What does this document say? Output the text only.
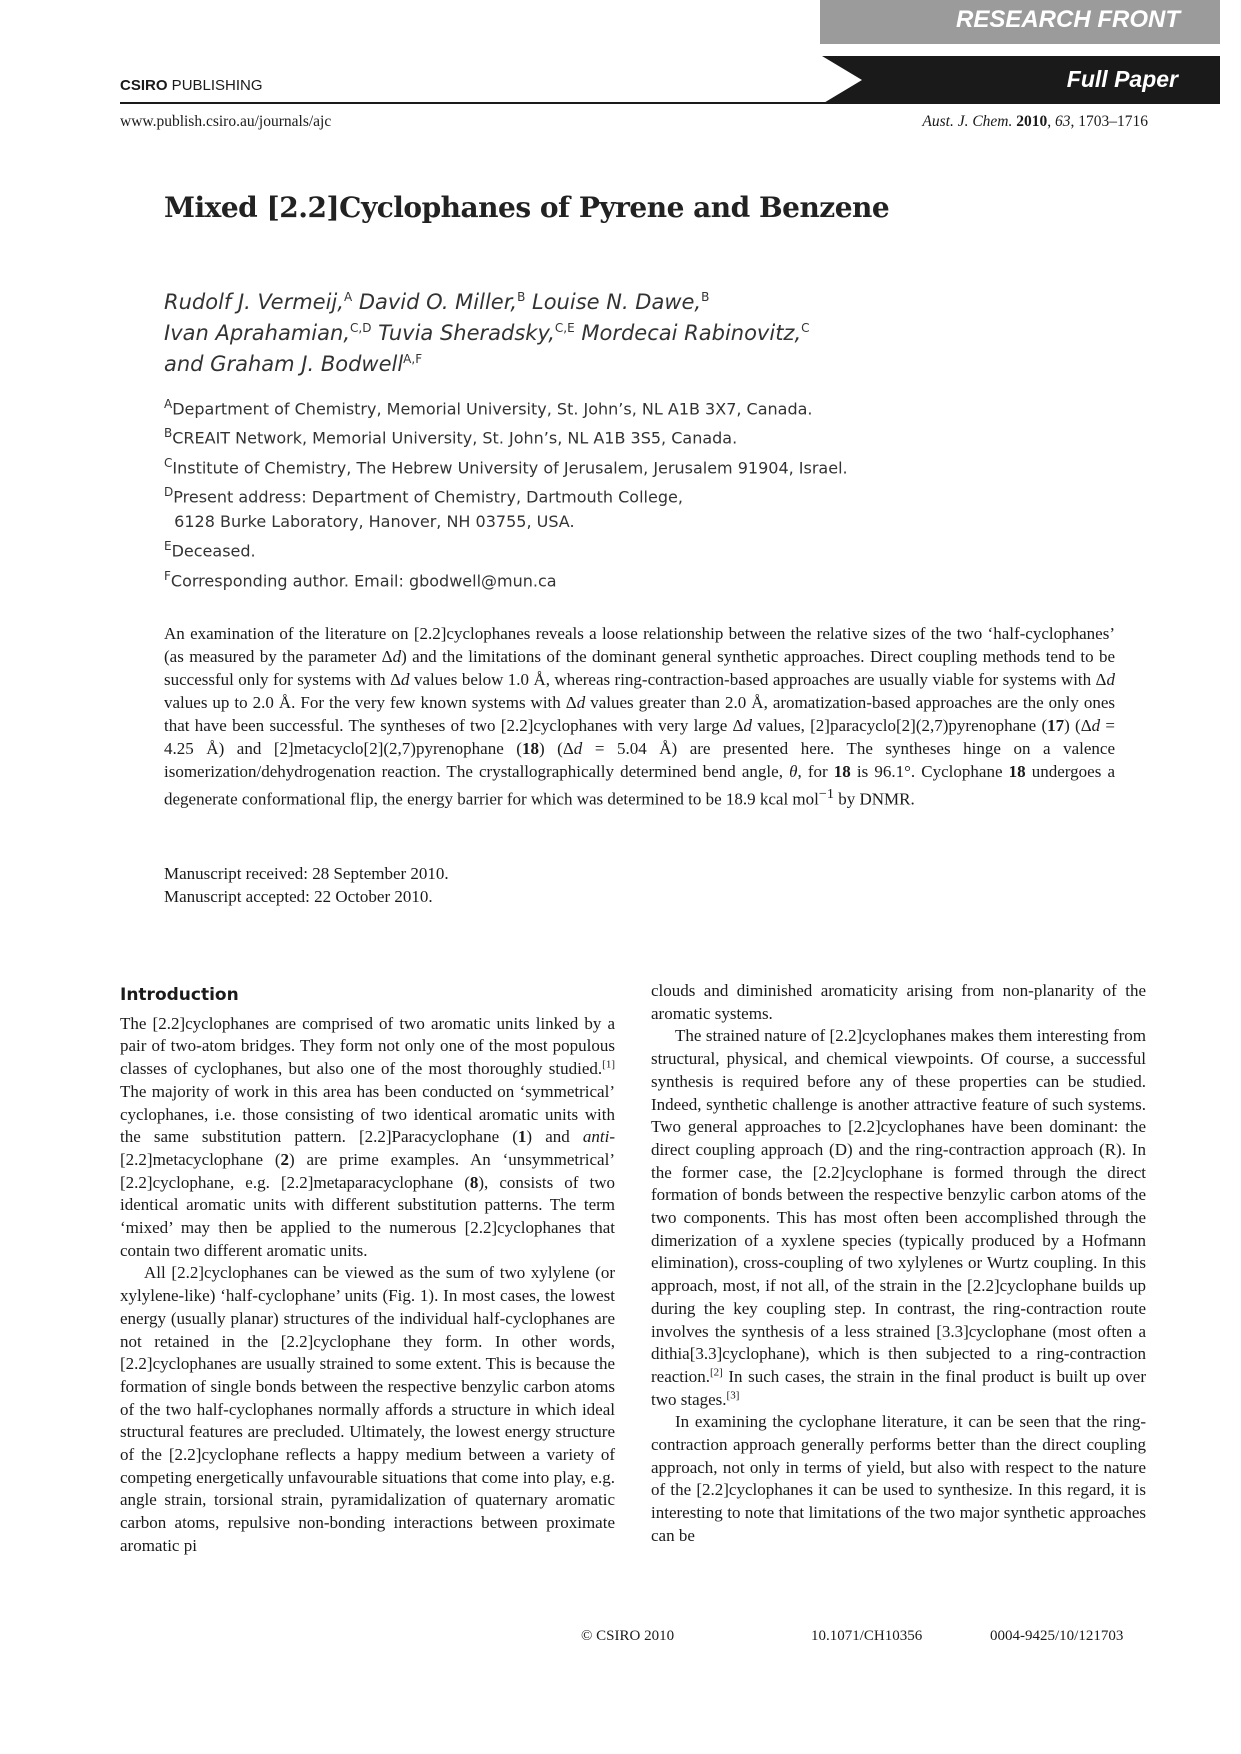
RESEARCH FRONT
Full Paper
CSIRO PUBLISHING
www.publish.csiro.au/journals/ajc	Aust. J. Chem. 2010, 63, 1703–1716
Mixed [2.2]Cyclophanes of Pyrene and Benzene
Rudolf J. Vermeij,$^A$ David O. Miller,$^B$ Louise N. Dawe,$^B$
Ivan Aprahamian,$^{C,D}$ Tuvia Sheradsky,$^{C,E}$ Mordecai Rabinovitz,$^C$
and Graham J. Bodwell$^{A,F}$
$^A$Department of Chemistry, Memorial University, St. John’s, NL A1B 3X7, Canada.
$^B$CREAIT Network, Memorial University, St. John’s, NL A1B 3S5, Canada.
$^C$Institute of Chemistry, The Hebrew University of Jerusalem, Jerusalem 91904, Israel.
$^D$Present address: Department of Chemistry, Dartmouth College,
6128 Burke Laboratory, Hanover, NH 03755, USA.
$^E$Deceased.
$^F$Corresponding author. Email: gbodwell@mun.ca

An examination of the literature on [2.2]cyclophanes reveals a loose relationship between the relative sizes of the two ‘half-cyclophanes’ (as measured by the parameter Δd) and the limitations of the dominant general synthetic approaches. Direct coupling methods tend to be successful only for systems with Δd values below 1.0 Å, whereas ring-contraction-based approaches are usually viable for systems with Δd values up to 2.0 Å. For the very few known systems with Δd values greater than 2.0 Å, aromatization-based approaches are the only ones that have been successful. The syntheses of two [2.2]cyclophanes with very large Δd values, [2]paracyclo[2](2,7)pyrenophane (17) (Δd = 4.25 Å) and [2]metacyclo[2](2,7)pyrenophane (18) (Δd = 5.04 Å) are presented here. The syntheses hinge on a valence isomerization/dehydrogenation reaction. The crystallographically determined bend angle, θ, for 18 is 96.1°. Cyclophane 18 undergoes a degenerate conformational flip, the energy barrier for which was determined to be 18.9 kcal mol$^{-1}$ by DNMR.

Manuscript received: 28 September 2010.
Manuscript accepted: 22 October 2010.
Introduction

The [2.2]cyclophanes are comprised of two aromatic units linked by a pair of two-atom bridges. They form not only one of the most populous classes of cyclophanes, but also one of the most thoroughly studied.[1] The majority of work in this area has been conducted on ‘symmetrical’ cyclophanes, i.e. those consisting of two identical aromatic units with the same substitution pattern. [2.2]Paracyclophane (1) and anti-[2.2]metacyclophane (2) are prime examples. An ‘unsymmetrical’ [2.2]cyclophane, e.g. [2.2]metaparacyclophane (8), consists of two identical aromatic units with different substitution patterns. The term ‘mixed’ may then be applied to the numerous [2.2]cyclophanes that contain two different aromatic units.

All [2.2]cyclophanes can be viewed as the sum of two xylylene (or xylylene-like) ‘half-cyclophane’ units (Fig. 1). In most cases, the lowest energy (usually planar) structures of the individual half-cyclophanes are not retained in the [2.2]cyclophane they form. In other words, [2.2]cyclophanes are usually strained to some extent. This is because the formation of single bonds between the respective benzylic carbon atoms of the two half-cyclophanes normally affords a structure in which ideal structural features are precluded. Ultimately, the lowest energy structure of the [2.2]cyclophane reflects a happy medium between a variety of competing energetically unfavourable situations that come into play, e.g. angle strain, torsional strain, pyramidalization of quaternary aromatic carbon atoms, repulsive non-bonding interactions between proximate aromatic pi

clouds and diminished aromaticity arising from non-planarity of the aromatic systems.

The strained nature of [2.2]cyclophanes makes them interesting from structural, physical, and chemical viewpoints. Of course, a successful synthesis is required before any of these properties can be studied. Indeed, synthetic challenge is another attractive feature of such systems. Two general approaches to [2.2]cyclophanes have been dominant: the direct coupling approach (D) and the ring-contraction approach (R). In the former case, the [2.2]cyclophane is formed through the direct formation of bonds between the respective benzylic carbon atoms of the two components. This has most often been accomplished through the dimerization of a xyxlene species (typically produced by a Hofmann elimination), cross-coupling of two xylylenes or Wurtz coupling. In this approach, most, if not all, of the strain in the [2.2]cyclophane builds up during the key coupling step. In contrast, the ring-contraction route involves the synthesis of a less strained [3.3]cyclophane (most often a dithia[3.3]cyclophane), which is then subjected to a ring-contraction reaction.[2] In such cases, the strain in the final product is built up over two stages.[3]

In examining the cyclophane literature, it can be seen that the ring-contraction approach generally performs better than the direct coupling approach, not only in terms of yield, but also with respect to the nature of the [2.2]cyclophanes it can be used to synthesize. In this regard, it is interesting to note that limitations of the two major synthetic approaches can be

© CSIRO 2010	10.1071/CH10356	0004-9425/10/121703
